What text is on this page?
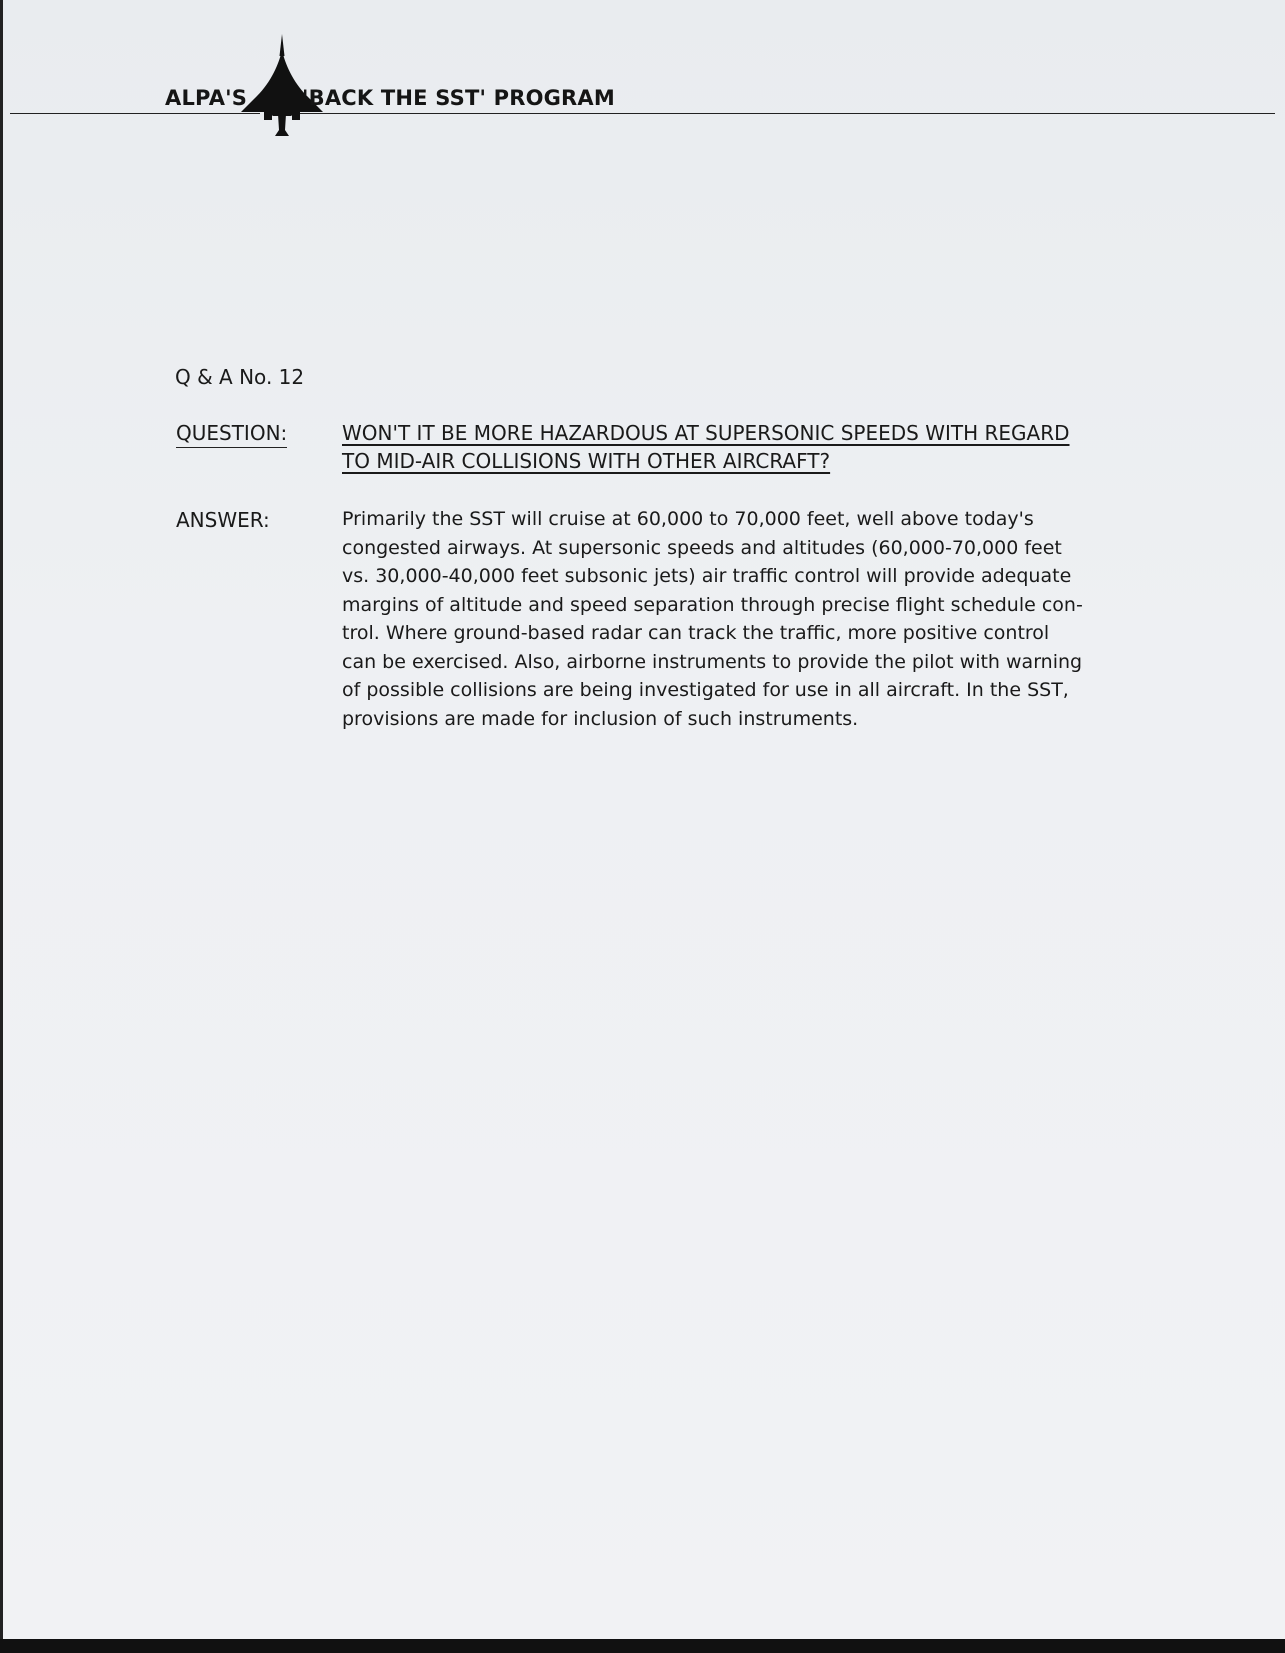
ALPA'S	'BACK THE SST' PROGRAM
Q & A No. 12
QUESTION:	WON'T IT BE MORE HAZARDOUS AT SUPERSONIC SPEEDS WITH REGARD
TO MID-AIR COLLISIONS WITH OTHER AIRCRAFT?
ANSWER:	Primarily the SST will cruise at 60,000 to 70,000 feet, well above today's
congested airways. At supersonic speeds and altitudes (60,000-70,000 feet
vs. 30,000-40,000 feet subsonic jets) air traffic control will provide adequate
margins of altitude and speed separation through precise flight schedule con-
trol. Where ground-based radar can track the traffic, more positive control
can be exercised. Also, airborne instruments to provide the pilot with warning
of possible collisions are being investigated for use in all aircraft. In the SST,
provisions are made for inclusion of such instruments.
